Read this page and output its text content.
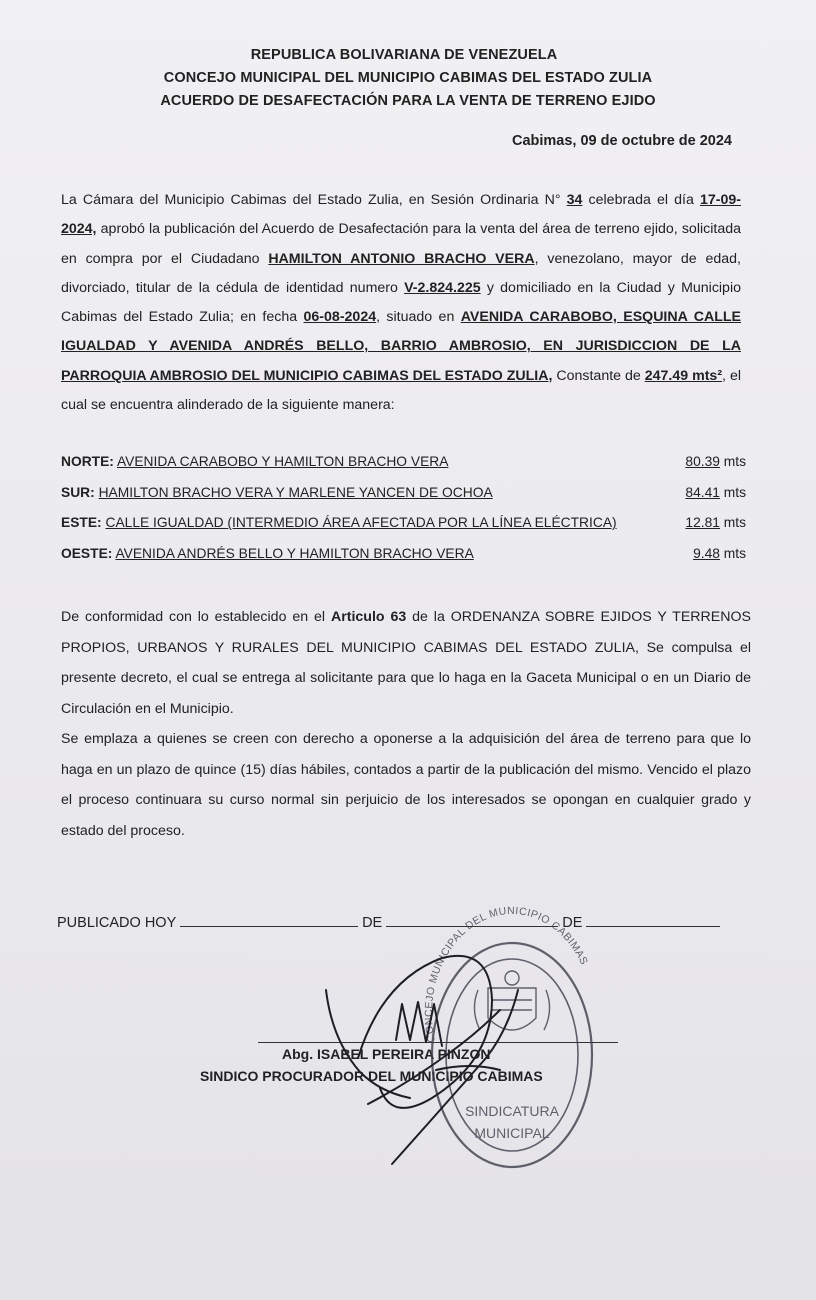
REPUBLICA BOLIVARIANA DE VENEZUELA
CONCEJO MUNICIPAL DEL MUNICIPIO CABIMAS DEL ESTADO ZULIA
ACUERDO DE DESAFECTACIÓN PARA LA VENTA DE TERRENO EJIDO
Cabimas, 09 de octubre de 2024
La Cámara del Municipio Cabimas del Estado Zulia, en Sesión Ordinaria N° 34 celebrada el día 17-09-2024, aprobó la publicación del Acuerdo de Desafectación para la venta del área de terreno ejido, solicitada en compra por el Ciudadano HAMILTON ANTONIO BRACHO VERA, venezolano, mayor de edad, divorciado, titular de la cédula de identidad numero V-2.824.225 y domiciliado en la Ciudad y Municipio Cabimas del Estado Zulia; en fecha 06-08-2024, situado en AVENIDA CARABOBO, ESQUINA CALLE IGUALDAD Y AVENIDA ANDRÉS BELLO, BARRIO AMBROSIO, EN JURISDICCION DE LA PARROQUIA AMBROSIO DEL MUNICIPIO CABIMAS DEL ESTADO ZULIA, Constante de 247.49 mts², el cual se encuentra alinderado de la siguiente manera:
NORTE: AVENIDA CARABOBO Y HAMILTON BRACHO VERA	80.39 mts
SUR: HAMILTON BRACHO VERA Y MARLENE YANCEN DE OCHOA	84.41 mts
ESTE: CALLE IGUALDAD (INTERMEDIO ÁREA AFECTADA POR LA LÍNEA ELÉCTRICA)	12.81 mts
OESTE: AVENIDA ANDRÉS BELLO Y HAMILTON BRACHO VERA	9.48 mts

De conformidad con lo establecido en el Articulo 63 de la ORDENANZA SOBRE EJIDOS Y TERRENOS PROPIOS, URBANOS Y RURALES DEL MUNICIPIO CABIMAS DEL ESTADO ZULIA, Se compulsa el presente decreto, el cual se entrega al solicitante para que lo haga en la Gaceta Municipal o en un Diario de Circulación en el Municipio.

Se emplaza a quienes se creen con derecho a oponerse a la adquisición del área de terreno para que lo haga en un plazo de quince (15) días hábiles, contados a partir de la publicación del mismo. Vencido el plazo el proceso continuara su curso normal sin perjuicio de los interesados se opongan en cualquier grado y estado del proceso.

PUBLICADO HOY	DE	DE
Abg. ISABEL PEREIRA PINZON
SINDICO PROCURADOR DEL MUNICIPIO CABIMAS
CONCEJO MUNICIPAL DEL MUNICIPIO CABIMAS
SINDICATURA
MUNICIPAL
